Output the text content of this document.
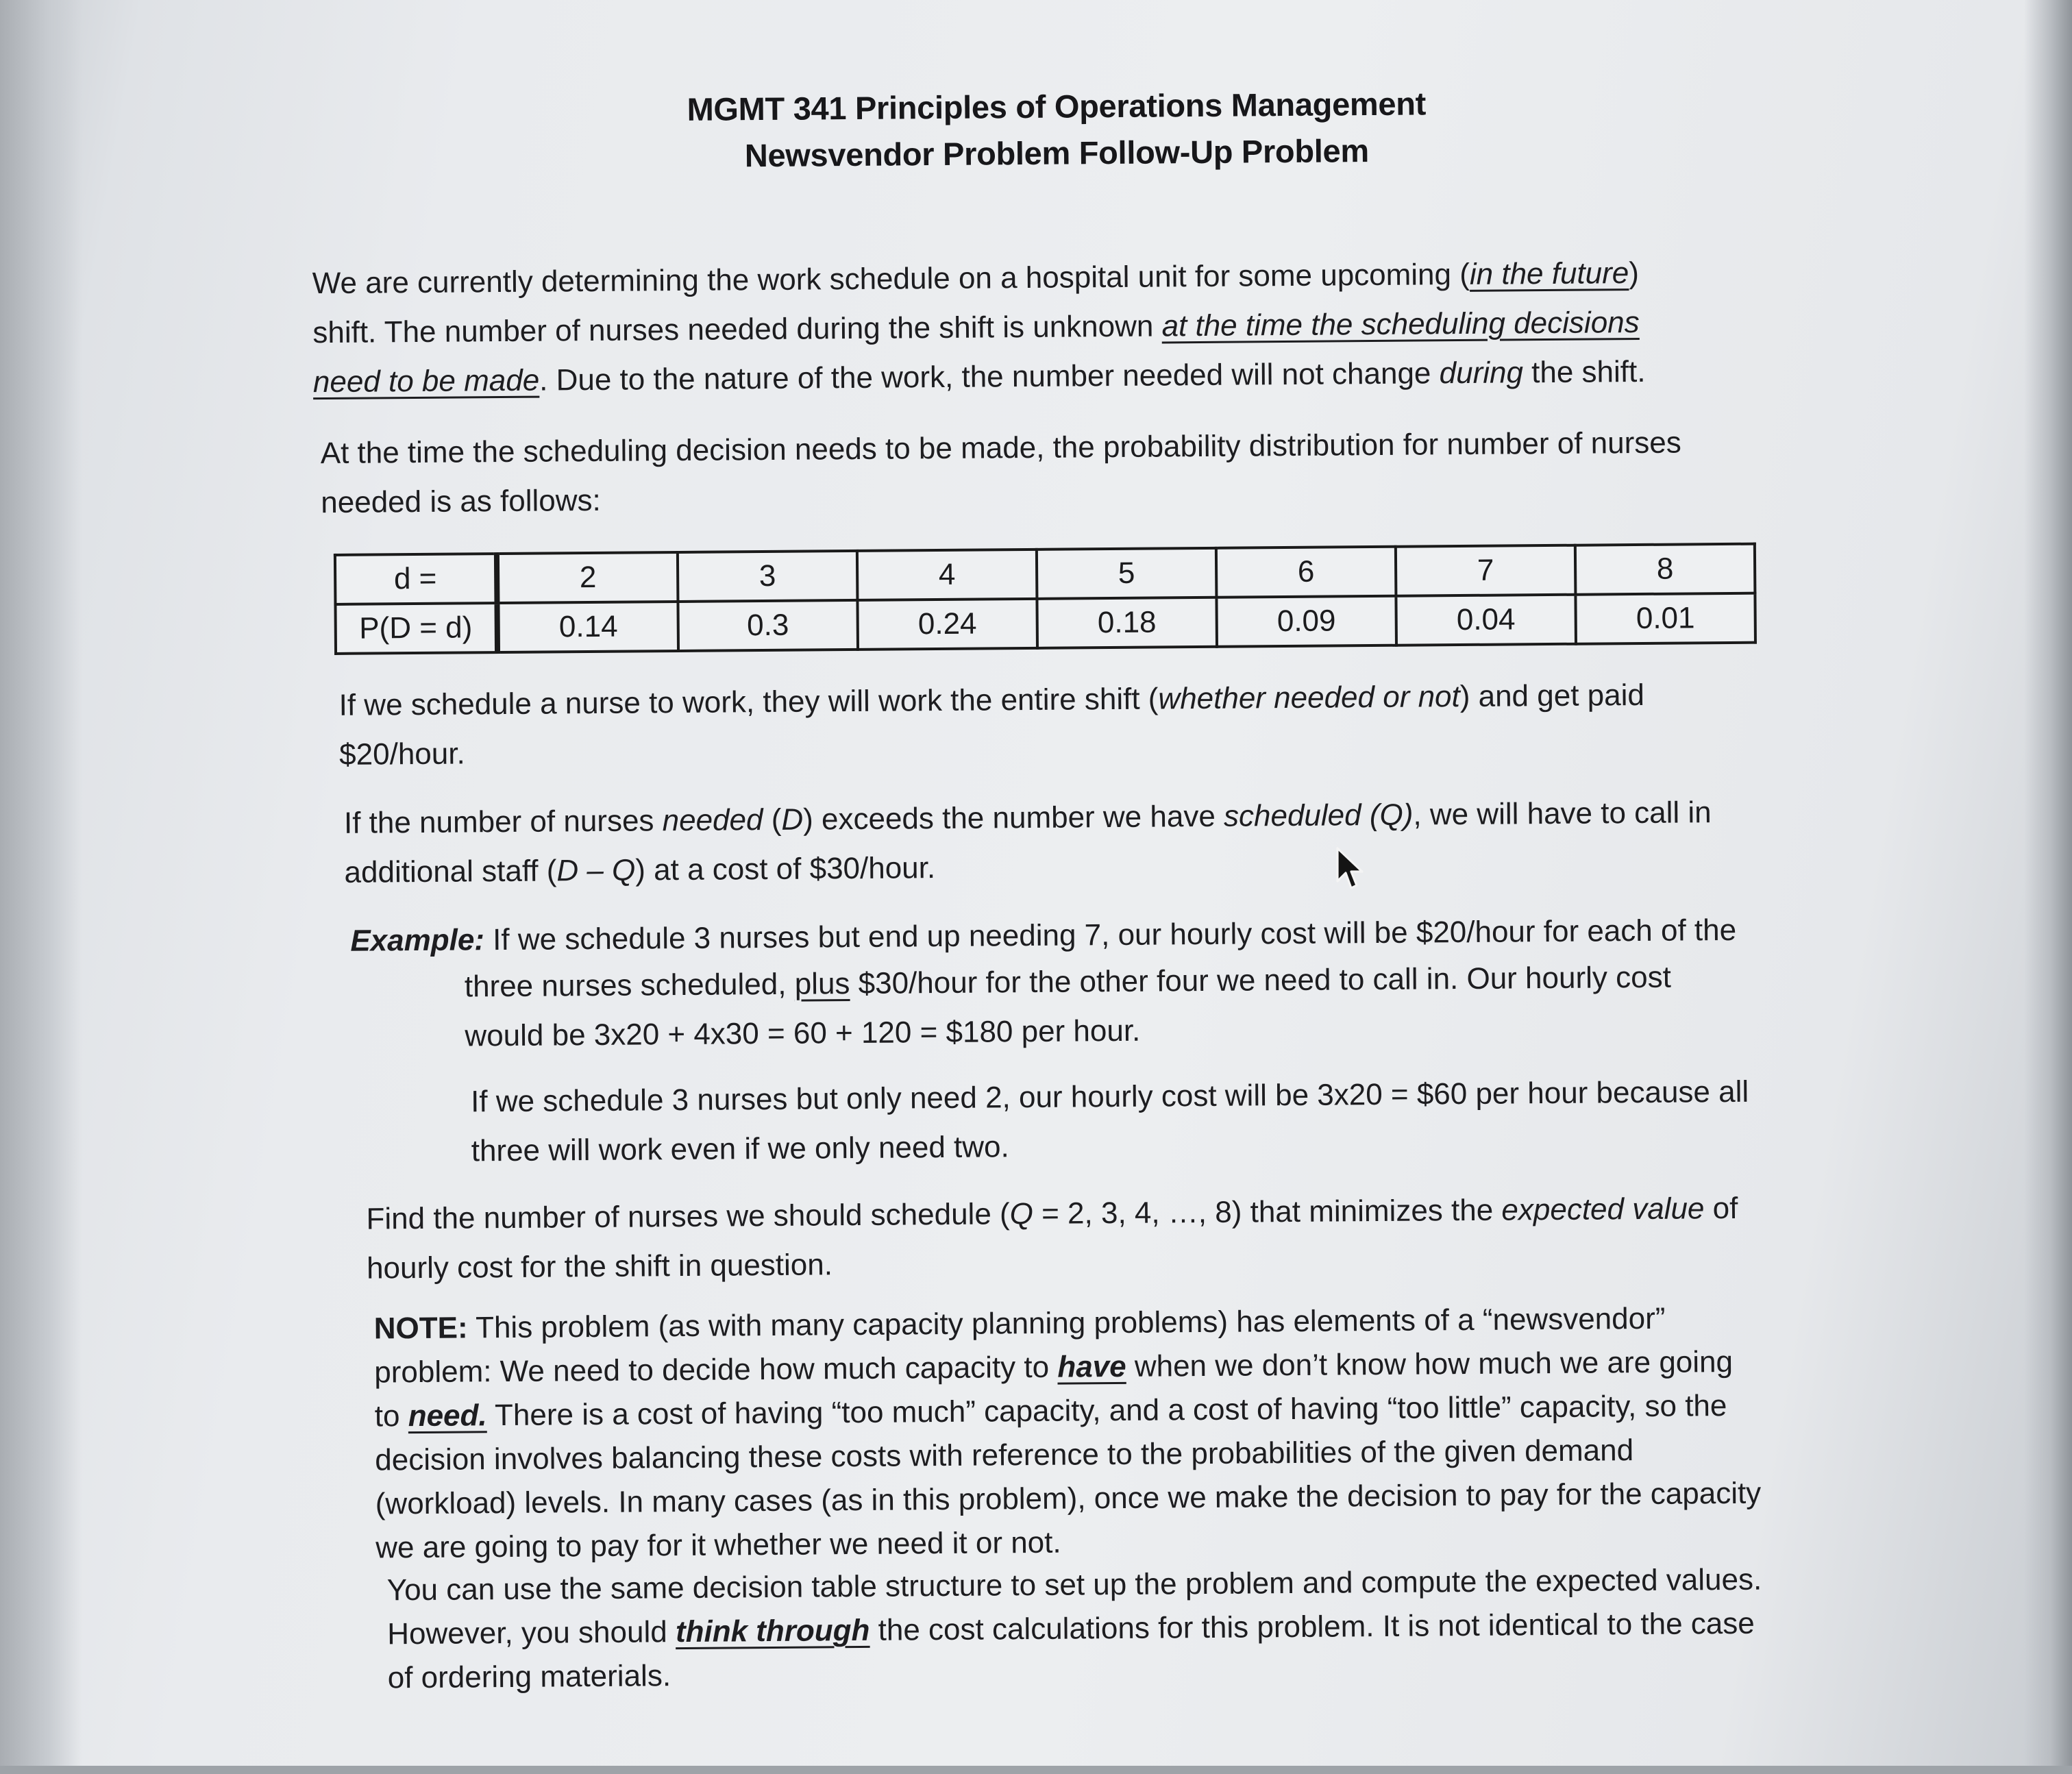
MGMT 341 Principles of Operations Management
Newsvendor Problem Follow-Up Problem
We are currently determining the work schedule on a hospital unit for some upcoming (in the future)
shift. The number of nurses needed during the shift is unknown at the time the scheduling decisions
need to be made. Due to the nature of the work, the number needed will not change during the shift.
At the time the scheduling decision needs to be made, the probability distribution for number of nurses
needed is as follows:
d =	2	3	4	5	6	7	8
P(D = d)	0.14	0.3	0.24	0.18	0.09	0.04	0.01
If we schedule a nurse to work, they will work the entire shift (whether needed or not) and get paid
$20/hour.
If the number of nurses needed (D) exceeds the number we have scheduled (Q), we will have to call in
additional staff (D – Q) at a cost of $30/hour.
Example: If we schedule 3 nurses but end up needing 7, our hourly cost will be $20/hour for each of the
three nurses scheduled, plus $30/hour for the other four we need to call in. Our hourly cost
would be 3x20 + 4x30 = 60 + 120 = $180 per hour.
If we schedule 3 nurses but only need 2, our hourly cost will be 3x20 = $60 per hour because all
three will work even if we only need two.
Find the number of nurses we should schedule (Q = 2, 3, 4, …, 8) that minimizes the expected value of
hourly cost for the shift in question.
NOTE: This problem (as with many capacity planning problems) has elements of a “newsvendor”
problem: We need to decide how much capacity to have when we don’t know how much we are going
to need. There is a cost of having “too much” capacity, and a cost of having “too little” capacity, so the
decision involves balancing these costs with reference to the probabilities of the given demand
(workload) levels. In many cases (as in this problem), once we make the decision to pay for the capacity
we are going to pay for it whether we need it or not.
You can use the same decision table structure to set up the problem and compute the expected values.
However, you should think through the cost calculations for this problem. It is not identical to the case
of ordering materials.
